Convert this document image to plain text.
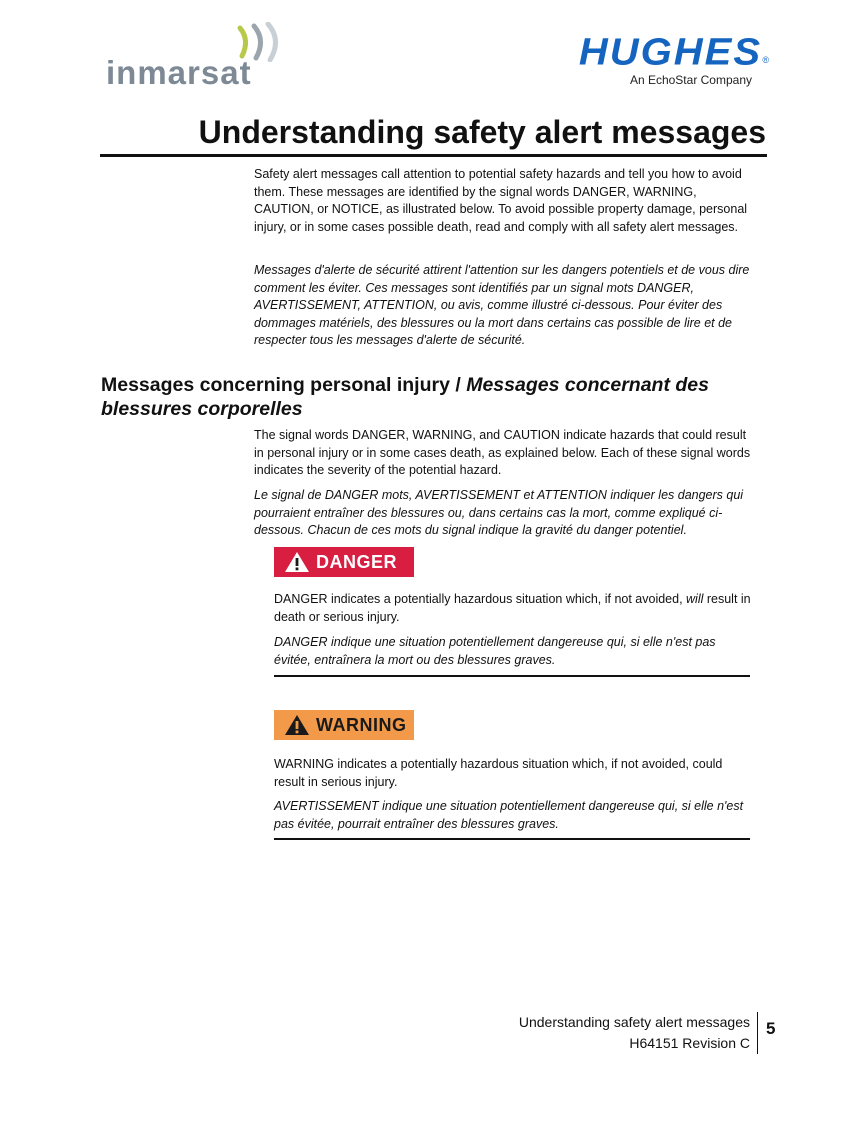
inmarsat	HUGHES ®
An EchoStar Company
Understanding safety alert messages
Safety alert messages call attention to potential safety hazards and tell you how to avoid them. These messages are identified by the signal words DANGER, WARNING, CAUTION, or NOTICE, as illustrated below. To avoid possible property damage, personal injury, or in some cases possible death, read and comply with all safety alert messages.
Messages d'alerte de sécurité attirent l'attention sur les dangers potentiels et de vous dire comment les éviter. Ces messages sont identifiés par un signal mots DANGER, AVERTISSEMENT, ATTENTION, ou avis, comme illustré ci-dessous. Pour éviter des dommages matériels, des blessures ou la mort dans certains cas possible de lire et de respecter tous les messages d'alerte de sécurité.
Messages concerning personal injury / Messages concernant des blessures corporelles
The signal words DANGER, WARNING, and CAUTION indicate hazards that could result in personal injury or in some cases death, as explained below. Each of these signal words indicates the severity of the potential hazard.
Le signal de DANGER mots, AVERTISSEMENT et ATTENTION indiquer les dangers qui pourraient entraîner des blessures ou, dans certains cas la mort, comme expliqué ci-dessous. Chacun de ces mots du signal indique la gravité du danger potentiel.
DANGER
DANGER indicates a potentially hazardous situation which, if not avoided, will result in death or serious injury.
DANGER indique une situation potentiellement dangereuse qui, si elle n'est pas évitée, entraînera la mort ou des blessures graves.
WARNING
WARNING indicates a potentially hazardous situation which, if not avoided, could result in serious injury.
AVERTISSEMENT indique une situation potentiellement dangereuse qui, si elle n'est pas évitée, pourrait entraîner des blessures graves.
Understanding safety alert messages
H64151 Revision C
5
